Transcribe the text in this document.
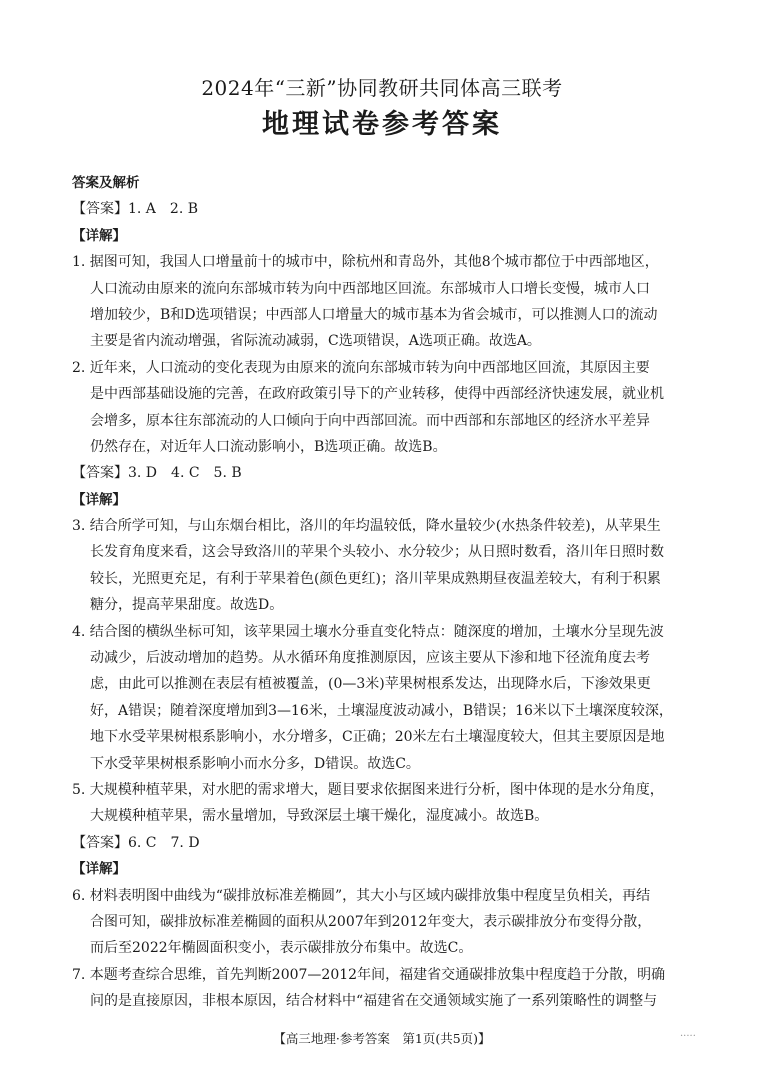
2024年“三新”协同教研共同体高三联考
地理试卷参考答案
答案及解析
【答案】1. A　2. B
【详解】
1. 据图可知，我国人口增量前十的城市中，除杭州和青岛外，其他8个城市都位于中西部地区，
人口流动由原来的流向东部城市转为向中西部地区回流。东部城市人口增长变慢，城市人口
增加较少，B和D选项错误；中西部人口增量大的城市基本为省会城市，可以推测人口的流动
主要是省内流动增强，省际流动减弱，C选项错误，A选项正确。故选A。
2. 近年来，人口流动的变化表现为由原来的流向东部城市转为向中西部地区回流，其原因主要
是中西部基础设施的完善，在政府政策引导下的产业转移，使得中西部经济快速发展，就业机
会增多，原本往东部流动的人口倾向于向中西部回流。而中西部和东部地区的经济水平差异
仍然存在，对近年人口流动影响小，B选项正确。故选B。
【答案】3. D　4. C　5. B
【详解】
3. 结合所学可知，与山东烟台相比，洛川的年均温较低，降水量较少(水热条件较差)，从苹果生
长发育角度来看，这会导致洛川的苹果个头较小、水分较少；从日照时数看，洛川年日照时数
较长，光照更充足，有利于苹果着色(颜色更红)；洛川苹果成熟期昼夜温差较大，有利于积累
糖分，提高苹果甜度。故选D。
4. 结合图的横纵坐标可知，该苹果园土壤水分垂直变化特点：随深度的增加，土壤水分呈现先波
动减少，后波动增加的趋势。从水循环角度推测原因，应该主要从下渗和地下径流角度去考
虑，由此可以推测在表层有植被覆盖，(0—3米)苹果树根系发达，出现降水后，下渗效果更
好，A错误；随着深度增加到3—16米，土壤湿度波动减小，B错误；16米以下土壤深度较深，
地下水受苹果树根系影响小，水分增多，C正确；20米左右土壤湿度较大，但其主要原因是地
下水受苹果树根系影响小而水分多，D错误。故选C。
5. 大规模种植苹果，对水肥的需求增大，题目要求依据图来进行分析，图中体现的是水分角度，
大规模种植苹果，需水量增加，导致深层土壤干燥化，湿度减小。故选B。
【答案】6. C　7. D
【详解】
6. 材料表明图中曲线为“碳排放标准差椭圆”，其大小与区域内碳排放集中程度呈负相关，再结
合图可知，碳排放标准差椭圆的面积从2007年到2012年变大，表示碳排放分布变得分散，
而后至2022年椭圆面积变小，表示碳排放分布集中。故选C。
7. 本题考查综合思维，首先判断2007—2012年间，福建省交通碳排放集中程度趋于分散，明确
问的是直接原因，非根本原因，结合材料中“福建省在交通领域实施了一系列策略性的调整与
【高三地理·参考答案　第1页(共5页)】	·····
